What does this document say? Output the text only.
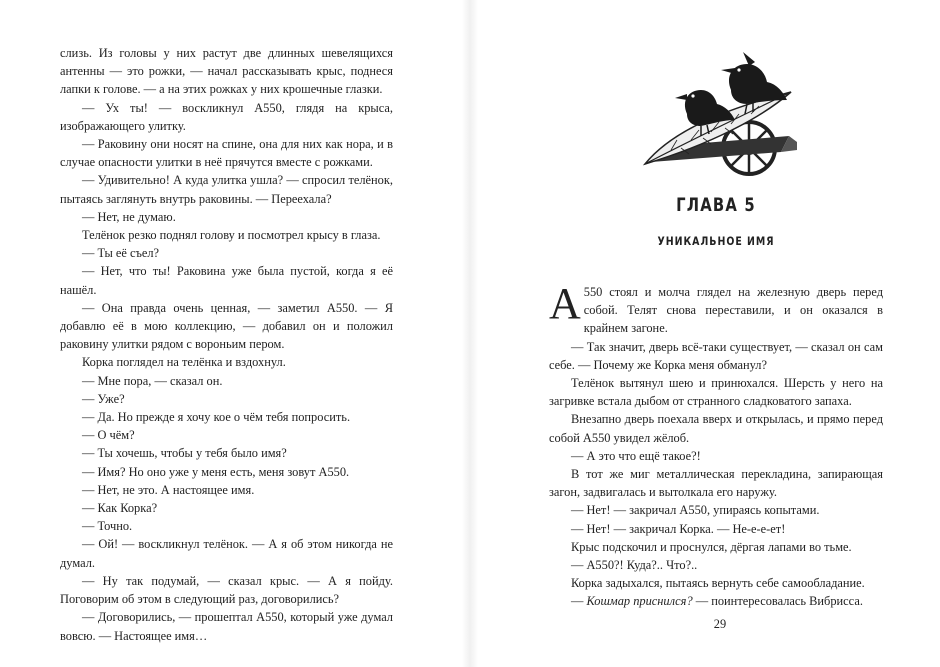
слизь. Из головы у них растут две длинных шевелящихся антенны — это рожки, — начал рассказывать крыс, поднеся лапки к голове. — а на этих рожках у них крошечные глазки.

— Ух ты! — воскликнул А550, глядя на крыса, изображающего улитку.

— Раковину они носят на спине, она для них как нора, и в случае опасности улитки в неё прячутся вместе с рожками.

— Удивительно! А куда улитка ушла? — спросил телёнок, пытаясь заглянуть внутрь раковины. — Переехала?

— Нет, не думаю.

Телёнок резко поднял голову и посмотрел крысу в глаза.

— Ты её съел?

— Нет, что ты! Раковина уже была пустой, когда я её нашёл.

— Она правда очень ценная, — заметил А550. — Я добавлю её в мою коллекцию, — добавил он и положил раковину улитки рядом с вороньим пером.

Корка поглядел на телёнка и вздохнул.

— Мне пора, — сказал он.

— Уже?

— Да. Но прежде я хочу кое о чём тебя попросить.

— О чём?

— Ты хочешь, чтобы у тебя было имя?

— Имя? Но оно уже у меня есть, меня зовут А550.

— Нет, не это. А настоящее имя.

— Как Корка?

— Точно.

— Ой! — воскликнул телёнок. — А я об этом никогда не думал.

— Ну так подумай, — сказал крыс. — А я пойду. Поговорим об этом в следующий раз, договорились?

— Договорились, — прошептал А550, который уже думал вовсю. — Настоящее имя…

ГЛАВА 5
УНИКАЛЬНОЕ ИМЯ

А 550 стоял и молча глядел на железную дверь перед собой. Телят снова переставили, и он оказался в крайнем загоне.

— Так значит, дверь всё-таки существует, — сказал он сам себе. — Почему же Корка меня обманул?

Телёнок вытянул шею и принюхался. Шерсть у него на загривке встала дыбом от странного сладковатого запаха.

Внезапно дверь поехала вверх и открылась, и прямо перед собой А550 увидел жёлоб.

— А это что ещё такое?!

В тот же миг металлическая перекладина, запирающая загон, задвигалась и вытолкала его наружу.

— Нет! — закричал А550, упираясь копытами.

— Нет! — закричал Корка. — Не-е-е-ет!

Крыс подскочил и проснулся, дёргая лапами во тьме.

— А550?! Куда?.. Что?..

Корка задыхался, пытаясь вернуть себе самообладание.

— Кошмар приснился? — поинтересовалась Вибрисса.

29
